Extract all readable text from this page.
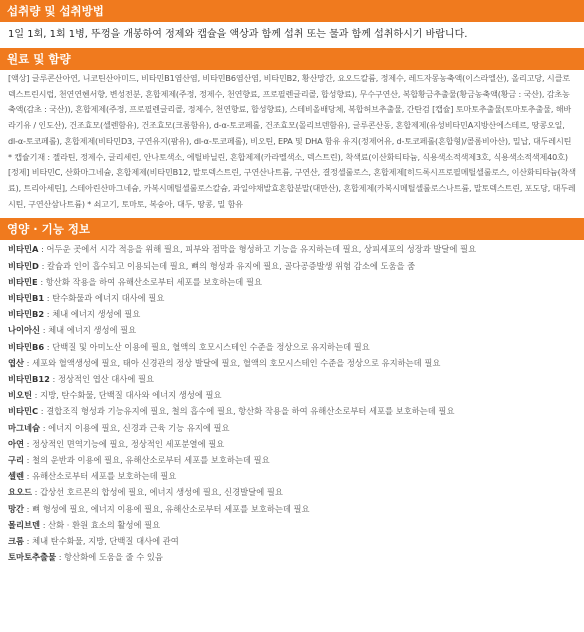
섭취량 및 섭취방법
1일 1회, 1회 1병, 뚜껑을 개봉하여 정제와 캡슐을 액상과 함께 섭취 또는 물과 함께 섭취하시기 바랍니다.
원료 및 함량
[액상] 글루콘산아연, 니코틴산아미드, 비타민B1염산염, 비타민B6염산염, 비타민B2, 황산망간, 요오드칼륨, 정제수, 레드자몽농축액(이스라엘산), 올리고당, 시클로덱스트린시럽, 천연연헨서향, 변성전분, 혼합제제(주정, 정제수, 천연향료, 프로필렌글리콜, 합성향료), 무수구연산, 복합황금추출물(황금농축액(황금 : 국산), 감초농축액(감초 : 국산)), 혼합제제(주정, 프로필렌글리콜, 정제수, 천연향료, 합성향료), 스테비올배당체, 복합허브추출물, 간탄검 [캡슐] 토마토추출물(토마토추출물, 해바라기유 / 인도산), 건조효모(셀렌함유), 건조효모(크롬함유), d-α-토코페롤, 건조효모(몰리브덴함유), 글루콘산동, 혼합제제(유성비타민A지방산에스테르, 땅콩오일, dl-α-토코페롤), 혼합제제(비타민D3, 구연유지(팜유), dl-α-토코페롤), 비오틴, EPA 및 DHA 함유 유지(정제어유, d-토코페롤(혼합형)/콜롬비아산), 밀납, 대두레시틴 * 캡슐기재 : 젤라틴, 정제수, 글리세린, 안나토색소, 에틸바닐린, 혼합제제(카라멜색소, 덱스트린), 착색료(이산화티타늄, 식용색소적색제3호, 식용색소적색제40호) [정제] 비타민C, 산화마그네슘, 혼합제제(비타민B12, 말토덱스트린, 구연산나트륨, 구연산, 결정셀룰로스, 혼합제제[히드록시프로필메틸셀룰로스, 이산화티타늄(착색료), 트리아세틴], 스테아린산마그네슘, 카복시메틸셀룰로스칼슘, 과일야채발효혼합분말(대만산), 혼합제제(카복시메틸셀룰로스나트륨, 말토덱스트린, 포도당, 대두레시틴, 구연산삼나트륨) * 쇠고기, 토마토, 복숭아, 대두, 땅콩, 밀 함유
영양 · 기능 정보
비타민A : 어두운 곳에서 시각 적응을 위해 필요, 피부와 점막을 형성하고 기능을 유지하는데 필요, 상피세포의 성장과 발달에 필요
비타민D : 칼슘과 인이 흡수되고 이용되는데 필요, 뼈의 형성과 유지에 필요, 골다공증발생 위험 감소에 도움을 줌
비타민E : 항산화 작용을 하여 유해산소로부터 세포를 보호하는데 필요
비타민B1 : 탄수화물과 에너지 대사에 필요
비타민B2 : 체내 에너지 생성에 필요
나이아신 : 체내 에너지 생성에 필요
비타민B6 : 단백질 및 아미노산 이용에 필요, 혈액의 호모시스테인 수준을 정상으로 유지하는데 필요
엽산 : 세포와 혈액생성에 필요, 태아 신경관의 정상 발달에 필요, 혈액의 호모시스테인 수준을 정상으로 유지하는데 필요
비타민B12 : 정상적인 엽산 대사에 필요
비오틴 : 지방, 탄수화물, 단백질 대사와 에너지 생성에 필요
비타민C : 결합조직 형성과 기능유지에 필요, 철의 흡수에 필요, 항산화 작용을 하여 유해산소로부터 세포를 보호하는데 필요
마그네슘 : 에너지 이용에 필요, 신경과 근육 기능 유지에 필요
아연 : 정상적인 면역기능에 필요, 정상적인 세포분열에 필요
구리 : 철의 운반과 이용에 필요, 유해산소로부터 세포를 보호하는데 필요
셀렌 : 유해산소로부터 세포를 보호하는데 필요
요오드 : 갑상선 호르몬의 합성에 필요, 에너지 생성에 필요, 신경발달에 필요
망간 : 뼈 형성에 필요, 에너지 이용에 필요, 유해산소로부터 세포를 보호하는데 필요
몰리브덴 : 산화 · 환원 효소의 활성에 필요
크롬 : 체내 탄수화물, 지방, 단백질 대사에 관여
토마토추출물 : 항산화에 도움을 줄 수 있음
